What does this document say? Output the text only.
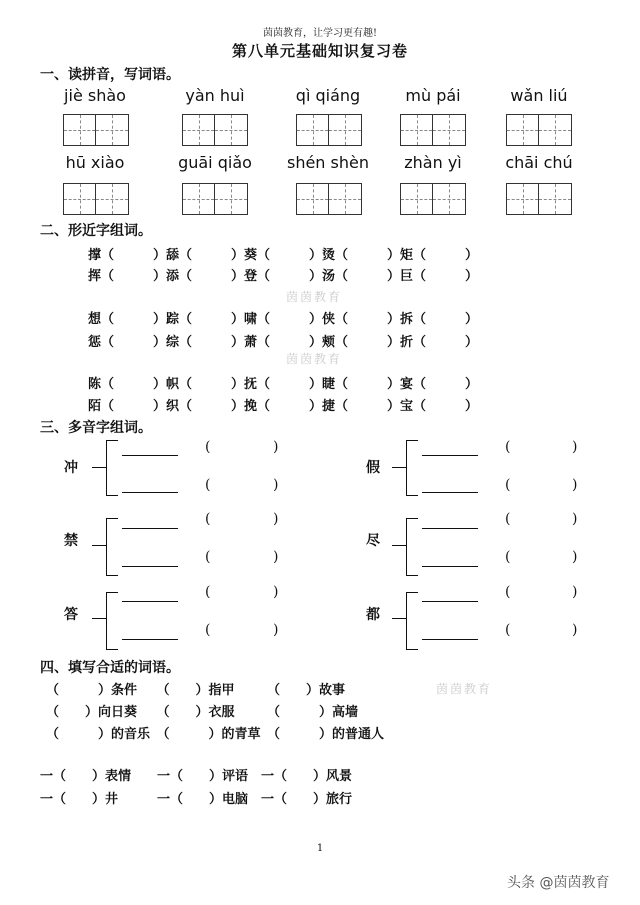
茵茵教育，让学习更有趣!
第八单元基础知识复习卷
一、读拼音，写词语。
jiè shào	yàn huì	qì qiáng	mù pái	wǎn liú
hū xiào	guāi qiǎo	shén shèn	zhàn yì	chāi chú
二、形近字组词。
撑（　　　）舔（　　　）葵（　　　）烫（　　　）矩（　　　）
挥（　　　）添（　　　）登（　　　）汤（　　　）巨（　　　）
茵茵教育
想（　　　）踪（　　　）啸（　　　）侠（　　　）拆（　　　）
惩（　　　）综（　　　）萧（　　　）颊（　　　）折（　　　）
茵茵教育
陈（　　　）帜（　　　）抚（　　　）睫（　　　）宴（　　　）
陌（　　　）织（　　　）挽（　　　）捷（　　　）宝（　　　）
三、多音字组词。
冲
(	)
(	)
禁
(	)
(	)
答
(	)
(	)
假
(	)
(	)
尽
(	)
(	)
都
(	)
(	)
四、填写合适的词语。
茵茵教育
（　　　）条件　　（　　）指甲　　　（　　）故事
（　　）向日葵　　（　　）衣服　　　（　　　）高墙
（　　　）的音乐　（　　　）的青草　（　　　）的普通人
一（　　）表情　　一（　　）评语　一（　　）风景
一（　　）井　　　一（　　）电脑　一（　　）旅行
1
头条 @茵茵教育
